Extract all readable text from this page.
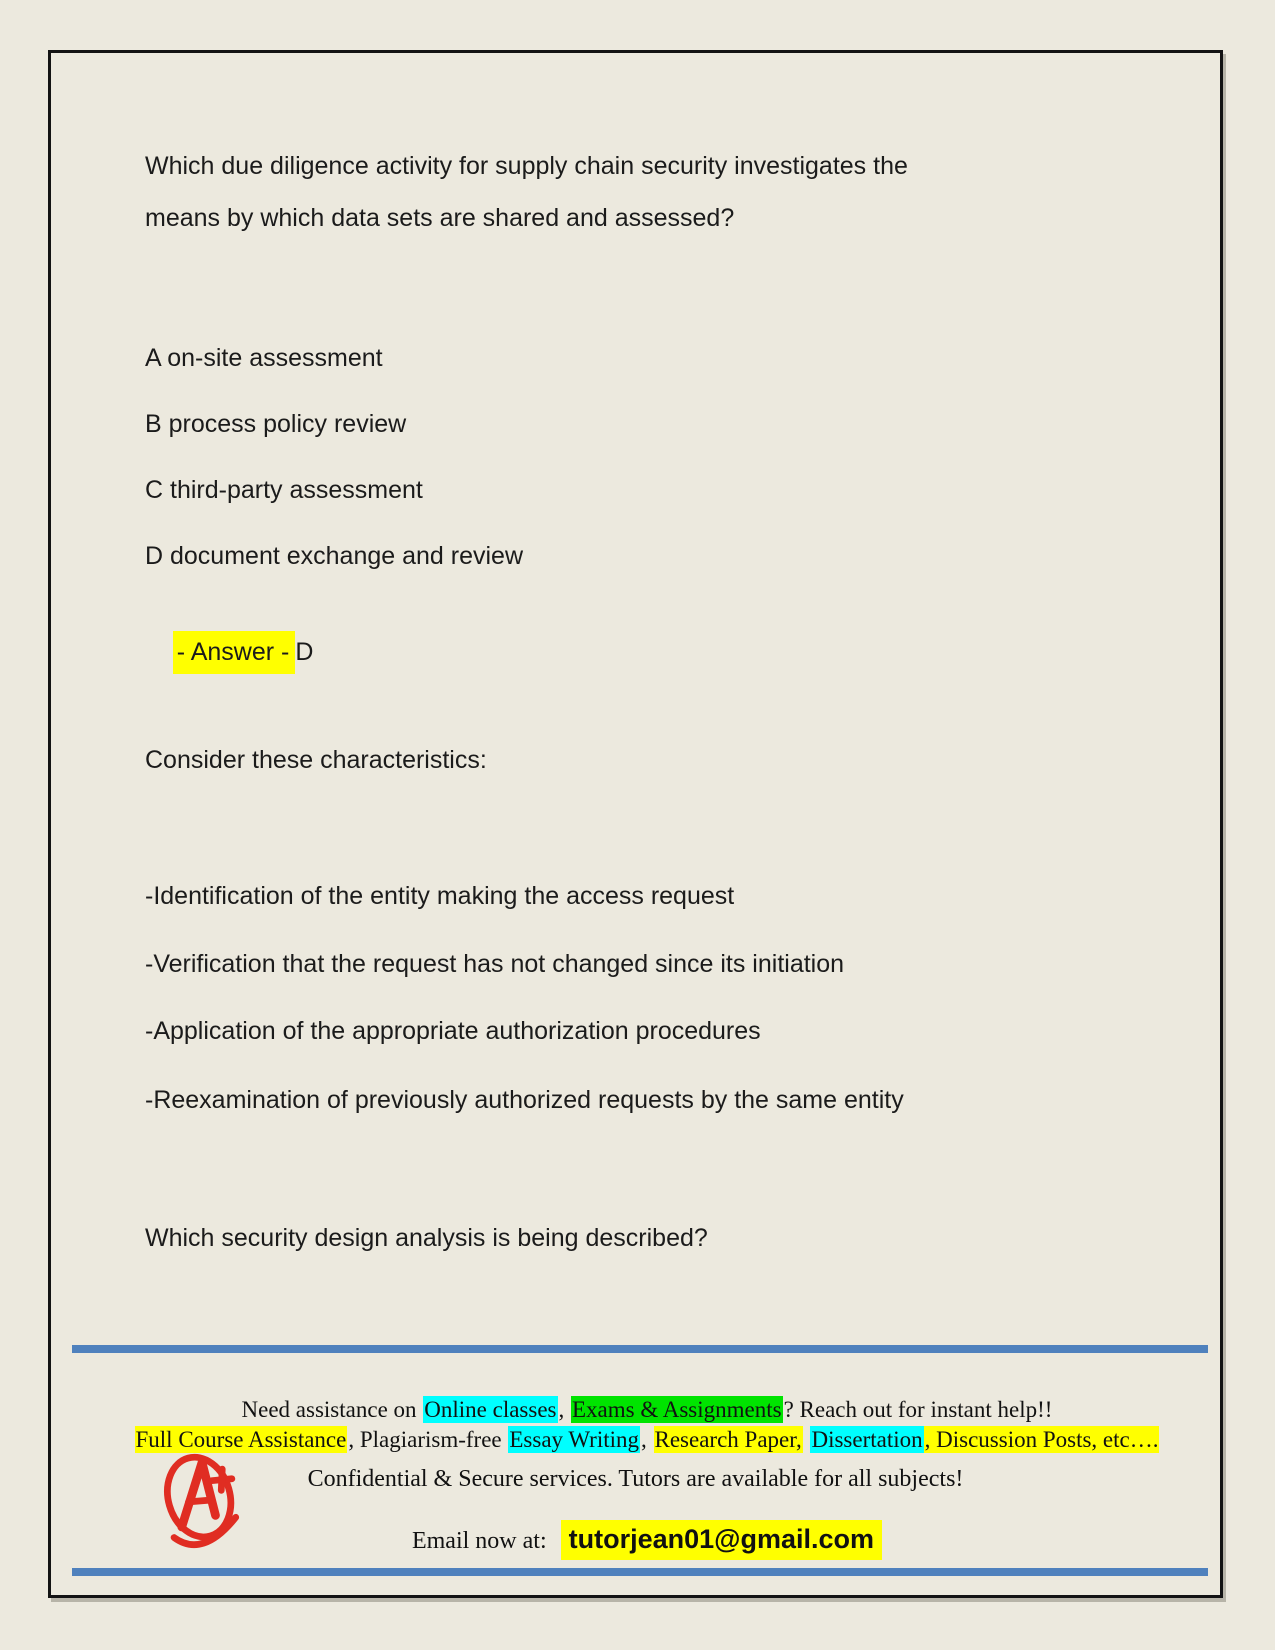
Which due diligence activity for supply chain security investigates the
means by which data sets are shared and assessed?
A on-site assessment
B process policy review
C third-party assessment
D document exchange and review

- Answer - D

Consider these characteristics:
-Identification of the entity making the access request
-Verification that the request has not changed since its initiation
-Application of the appropriate authorization procedures
-Reexamination of previously authorized requests by the same entity
Which security design analysis is being described?

Need assistance on Online classes, Exams & Assignments? Reach out for instant help!!

Full Course Assistance, Plagiarism-free Essay Writing, Research Paper, Dissertation, Discussion Posts, etc….

Confidential & Secure services. Tutors are available for all subjects!

Email now at: tutorjean01@gmail.com
